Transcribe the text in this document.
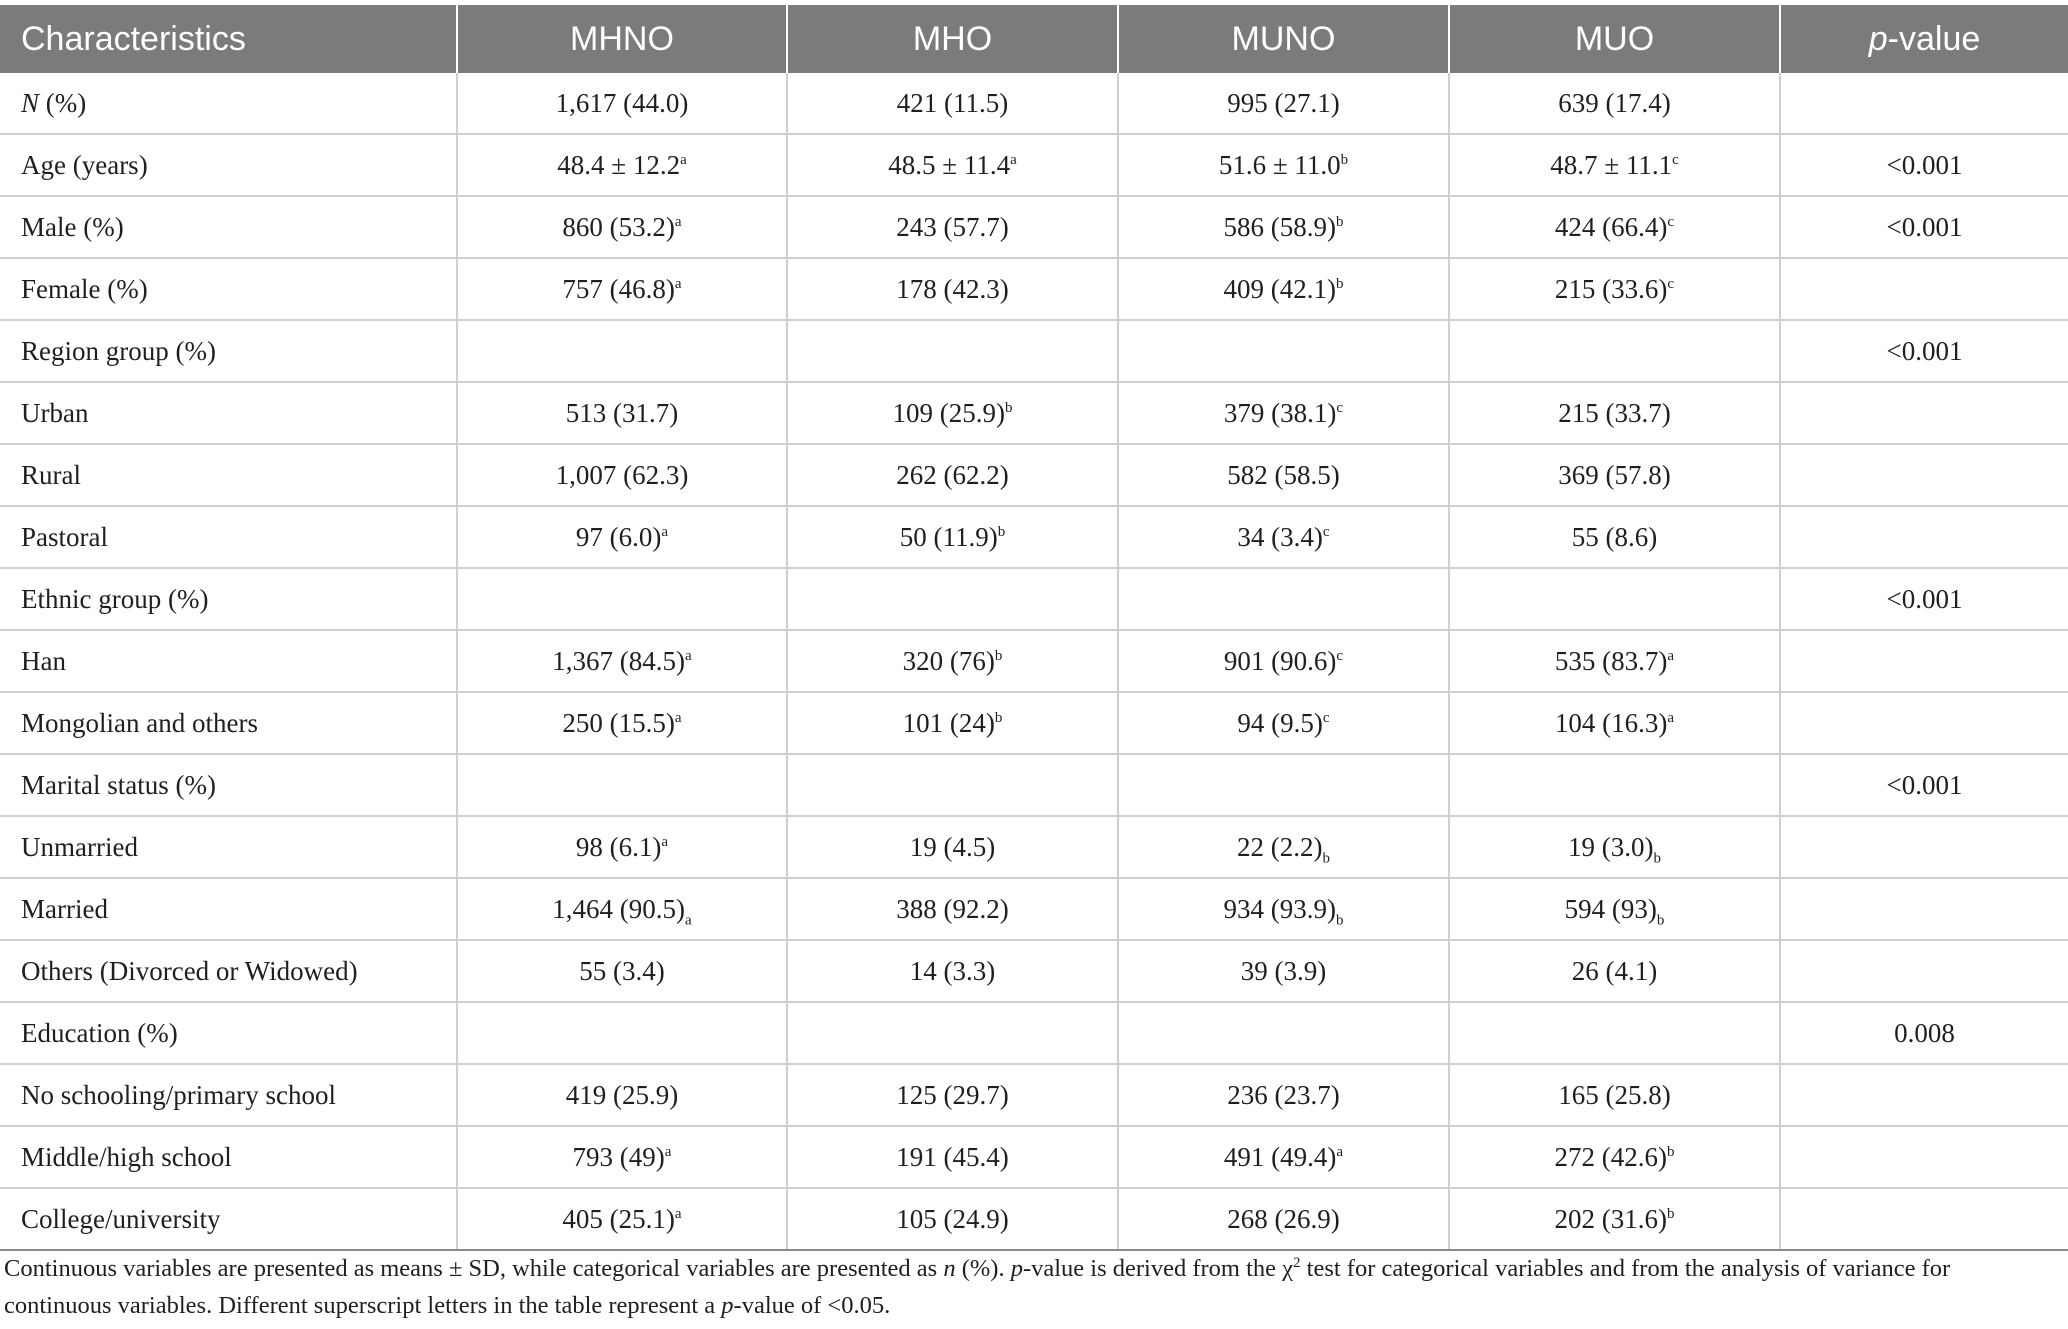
Characteristics	MHNO	MHO	MUNO	MUO	p-value
N (%)	1,617 (44.0)	421 (11.5)	995 (27.1)	639 (17.4)	
Age (years)	48.4 ± 12.2$^a$	48.5 ± 11.4$^a$	51.6 ± 11.0$^b$	48.7 ± 11.1$^c$	<0.001
Male (%)	860 $(53.2)^a$	243 (57.7)	586 $(58.9)^b$	424 $(66.4)^c$	<0.001
Female (%)	757 $(46.8)^a$	178 (42.3)	409 $(42.1)^b$	215 $(33.6)^c$	
Region group (%)					<0.001
Urban	513 (31.7)	109 $(25.9)^b$	379 $(38.1)^c$	215 (33.7)	
Rural	1,007 (62.3)	262 (62.2)	582 (58.5)	369 (57.8)	
Pastoral	97 $(6.0)^a$	50 $(11.9)^b$	34 $(3.4)^c$	55 (8.6)	
Ethnic group (%)					<0.001
Han	1,367 $(84.5)^a$	320 $(76)^b$	901 $(90.6)^c$	535 $(83.7)^a$	
Mongolian and others	250 $(15.5)^a$	101 $(24)^b$	94 $(9.5)^c$	104 $(16.3)^a$	
Marital status (%)					<0.001
Unmarried	98 $(6.1)^a$	19 (4.5)	22 $(2.2)_b$	19 $(3.0)_b$	
Married	1,464 $(90.5)_a$	388 (92.2)	934 $(93.9)_b$	594 $(93)_b$	
Others (Divorced or Widowed)	55 (3.4)	14 (3.3)	39 (3.9)	26 (4.1)	
Education (%)					0.008
No schooling/primary school	419 (25.9)	125 (29.7)	236 (23.7)	165 (25.8)	
Middle/high school	793 $(49)^a$	191 (45.4)	491 $(49.4)^a$	272 $(42.6)^b$	
College/university	405 $(25.1)^a$	105 (24.9)	268 (26.9)	202 $(31.6)^b$	
Continuous variables are presented as means ± SD, while categorical variables are presented as n (%). p-value is derived from the $\chi^2$ test for categorical variables and from the analysis of variance for continuous variables. Different superscript letters in the table represent a p-value of <0.05.
